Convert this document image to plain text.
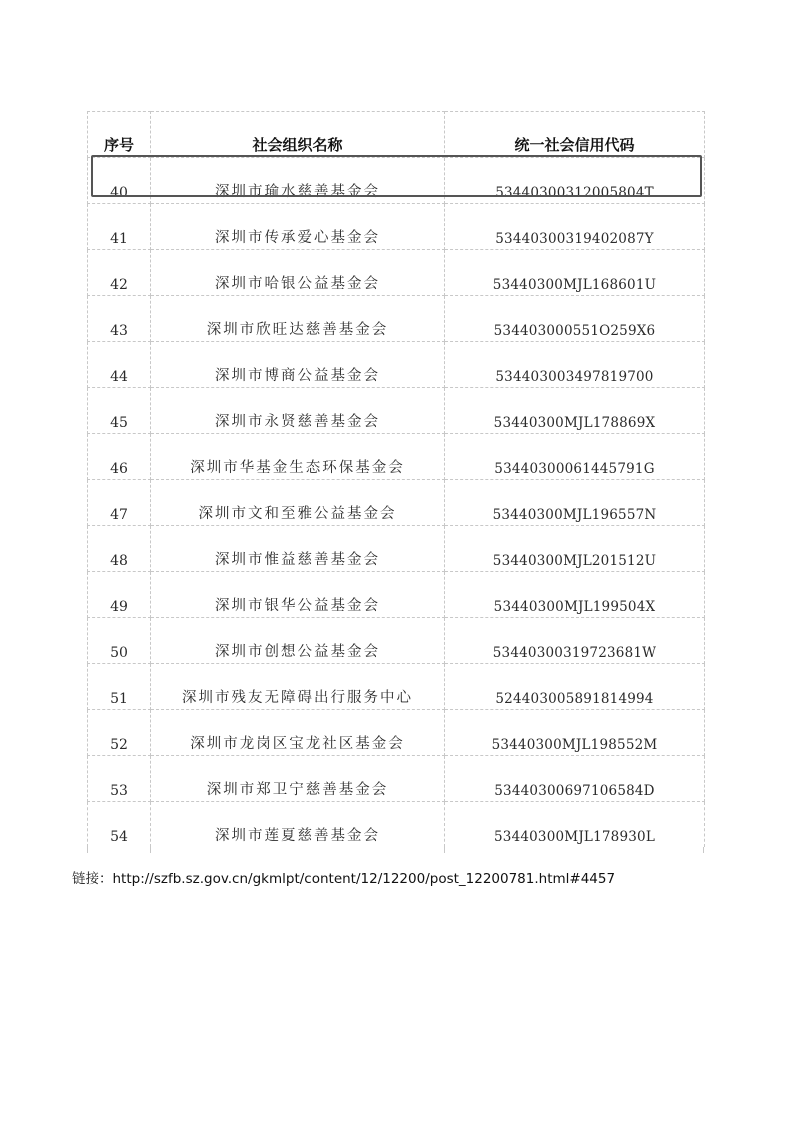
序号	社会组织名称	统一社会信用代码
40	深圳市瑜水慈善基金会	53440300312005804T
41	深圳市传承爱心基金会	53440300319402087Y
42	深圳市哈银公益基金会	53440300MJL168601U
43	深圳市欣旺达慈善基金会	534403000551O259X6
44	深圳市博商公益基金会	534403003497819700
45	深圳市永贤慈善基金会	53440300MJL178869X
46	深圳市华基金生态环保基金会	53440300061445791G
47	深圳市文和至雅公益基金会	53440300MJL196557N
48	深圳市惟益慈善基金会	53440300MJL201512U
49	深圳市银华公益基金会	53440300MJL199504X
50	深圳市创想公益基金会	53440300319723681W
51	深圳市残友无障碍出行服务中心	524403005891814994
52	深圳市龙岗区宝龙社区基金会	53440300MJL198552M
53	深圳市郑卫宁慈善基金会	53440300697106584D
54	深圳市莲夏慈善基金会	53440300MJL178930L
链接：http://szfb.sz.gov.cn/gkmlpt/content/12/12200/post_12200781.html#4457
